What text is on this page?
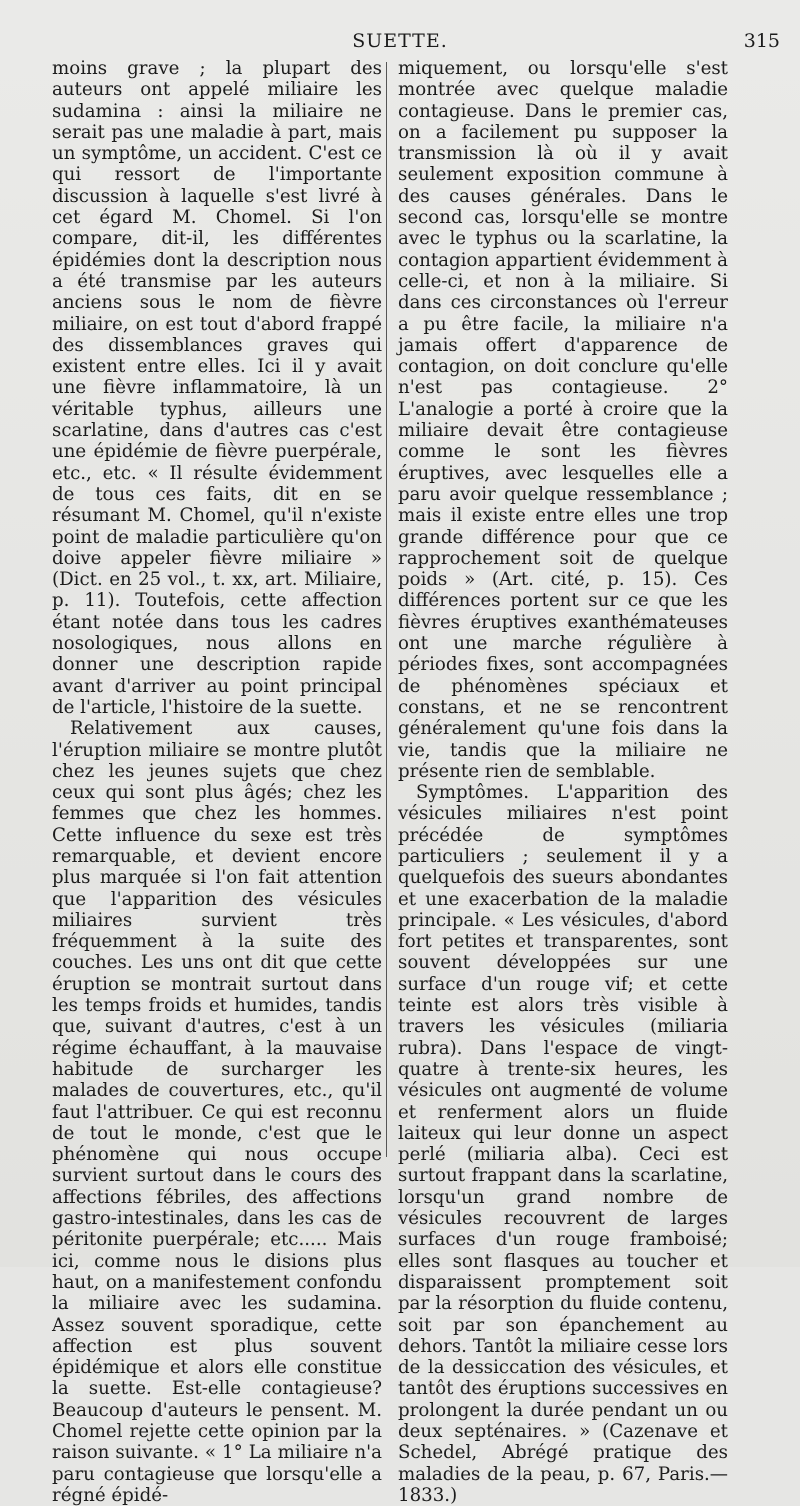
SUETTE.	315

moins grave ; la plupart des auteurs ont appelé miliaire les sudamina : ainsi la miliaire ne serait pas une maladie à part, mais un symptôme, un accident. C'est ce qui ressort de l'importante discussion à laquelle s'est livré à cet égard M. Chomel. Si l'on compare, dit-il, les différentes épidémies dont la description nous a été transmise par les auteurs anciens sous le nom de fièvre miliaire, on est tout d'abord frappé des dissemblances graves qui existent entre elles. Ici il y avait une fièvre inflammatoire, là un véritable typhus, ailleurs une scarlatine, dans d'autres cas c'est une épidémie de fièvre puerpérale, etc., etc. « Il résulte évidemment de tous ces faits, dit en se résumant M. Chomel, qu'il n'existe point de maladie particulière qu'on doive appeler fièvre miliaire » (Dict. en 25 vol., t. xx, art. Miliaire, p. 11). Toutefois, cette affection étant notée dans tous les cadres nosologiques, nous allons en donner une description rapide avant d'arriver au point principal de l'article, l'histoire de la suette.

Relativement aux causes, l'éruption miliaire se montre plutôt chez les jeunes sujets que chez ceux qui sont plus âgés; chez les femmes que chez les hommes. Cette influence du sexe est très remarquable, et devient encore plus marquée si l'on fait attention que l'apparition des vésicules miliaires survient très fréquemment à la suite des couches. Les uns ont dit que cette éruption se montrait surtout dans les temps froids et humides, tandis que, suivant d'autres, c'est à un régime échauffant, à la mauvaise habitude de surcharger les malades de couvertures, etc., qu'il faut l'attribuer. Ce qui est reconnu de tout le monde, c'est que le phénomène qui nous occupe survient surtout dans le cours des affections fébriles, des affections gastro-intestinales, dans les cas de péritonite puerpérale; etc..... Mais ici, comme nous le disions plus haut, on a manifestement confondu la miliaire avec les sudamina. Assez souvent sporadique, cette affection est plus souvent épidémique et alors elle constitue la suette. Est-elle contagieuse? Beaucoup d'auteurs le pensent. M. Chomel rejette cette opinion par la raison suivante. « 1° La miliaire n'a paru contagieuse que lorsqu'elle a régné épidé-

miquement, ou lorsqu'elle s'est montrée avec quelque maladie contagieuse. Dans le premier cas, on a facilement pu supposer la transmission là où il y avait seulement exposition commune à des causes générales. Dans le second cas, lorsqu'elle se montre avec le typhus ou la scarlatine, la contagion appartient évidemment à celle-ci, et non à la miliaire. Si dans ces circonstances où l'erreur a pu être facile, la miliaire n'a jamais offert d'apparence de contagion, on doit conclure qu'elle n'est pas contagieuse. 2° L'analogie a porté à croire que la miliaire devait être contagieuse comme le sont les fièvres éruptives, avec lesquelles elle a paru avoir quelque ressemblance ; mais il existe entre elles une trop grande différence pour que ce rapprochement soit de quelque poids » (Art. cité, p. 15). Ces différences portent sur ce que les fièvres éruptives exanthémateuses ont une marche régulière à périodes fixes, sont accompagnées de phénomènes spéciaux et constans, et ne se rencontrent généralement qu'une fois dans la vie, tandis que la miliaire ne présente rien de semblable.

Symptômes. L'apparition des vésicules miliaires n'est point précédée de symptômes particuliers ; seulement il y a quelquefois des sueurs abondantes et une exacerbation de la maladie principale. « Les vésicules, d'abord fort petites et transparentes, sont souvent développées sur une surface d'un rouge vif; et cette teinte est alors très visible à travers les vésicules (miliaria rubra). Dans l'espace de vingt-quatre à trente-six heures, les vésicules ont augmenté de volume et renferment alors un fluide laiteux qui leur donne un aspect perlé (miliaria alba). Ceci est surtout frappant dans la scarlatine, lorsqu'un grand nombre de vésicules recouvrent de larges surfaces d'un rouge framboisé; elles sont flasques au toucher et disparaissent promptement soit par la résorption du fluide contenu, soit par son épanchement au dehors. Tantôt la miliaire cesse lors de la dessiccation des vésicules, et tantôt des éruptions successives en prolongent la durée pendant un ou deux septénaires. » (Cazenave et Schedel, Abrégé pratique des maladies de la peau, p. 67, Paris.—1833.)
